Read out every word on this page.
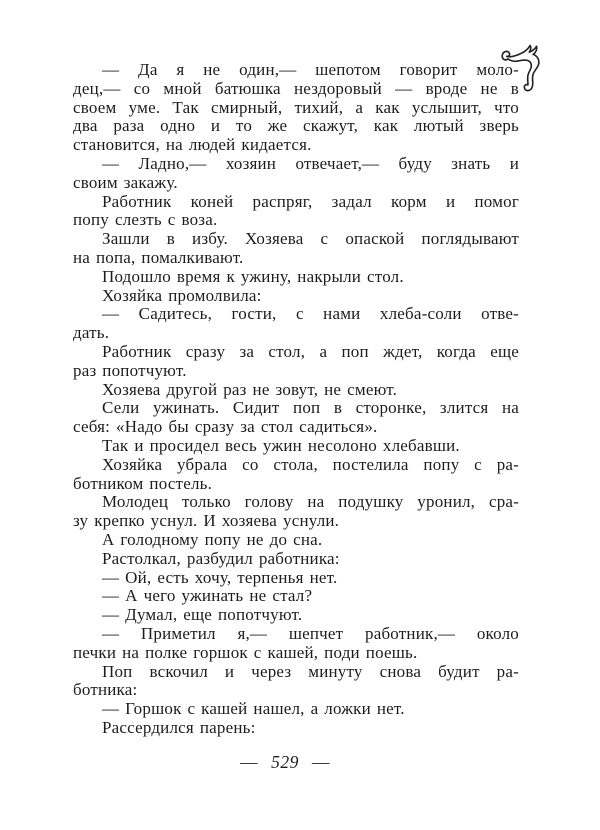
— Да я не один,— шепотом говорит моло-
дец,— со мной батюшка нездоровый — вроде не в
своем уме. Так смирный, тихий, а как услышит, что
два раза одно и то же скажут, как лютый зверь
становится, на людей кидается.
— Ладно,— хозяин отвечает,— буду знать и
своим закажу.
Работник коней распряг, задал корм и помог
попу слезть с воза.
Зашли в избу. Хозяева с опаской поглядывают
на попа, помалкивают.
Подошло время к ужину, накрыли стол.
Хозяйка промолвила:
— Садитесь, гости, с нами хлеба-соли отве-
дать.
Работник сразу за стол, а поп ждет, когда еще
раз попотчуют.
Хозяева другой раз не зовут, не смеют.
Сели ужинать. Сидит поп в сторонке, злится на
себя: «Надо бы сразу за стол садиться».
Так и просидел весь ужин несолоно хлебавши.
Хозяйка убрала со стола, постелила попу с ра-
ботником постель.
Молодец только голову на подушку уронил, сра-
зу крепко уснул. И хозяева уснули.
А голодному попу не до сна.
Растолкал, разбудил работника:
— Ой, есть хочу, терпенья нет.
— А чего ужинать не стал?
— Думал, еще попотчуют.
— Приметил я,— шепчет работник,— около
печки на полке горшок с кашей, поди поешь.
Поп вскочил и через минуту снова будит ра-
ботника:
— Горшок с кашей нашел, а ложки нет.
Рассердился парень:
— 529 —
